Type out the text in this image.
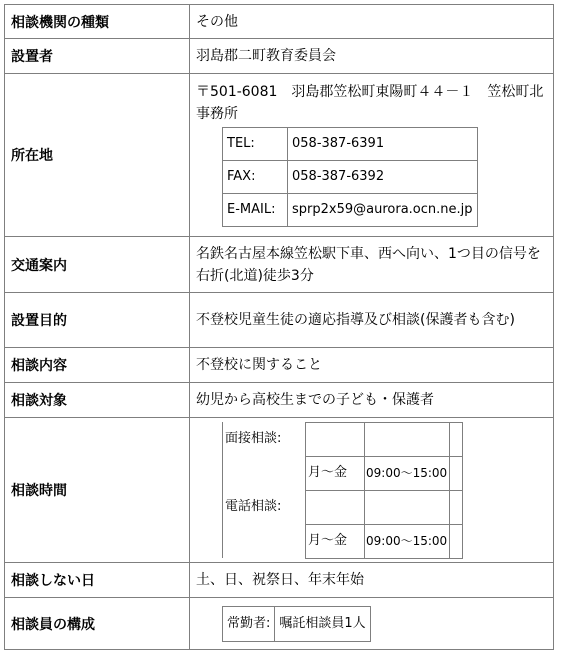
相談機関の種類	その他
設置者	羽島郡二町教育委員会
所在地	
〒501-6081　羽島郡笠松町東陽町４４－１　笠松町北事務所
TEL:	058-387-6391
FAX:	058-387-6392
E-MAIL:	sprp2x59@aurora.ocn.ne.jp

交通案内	名鉄名古屋本線笠松駅下車、西へ向い、1つ目の信号を右折(北道)徒歩3分
設置目的	不登校児童生徒の適応指導及び相談(保護者も含む)
相談内容	不登校に関すること
相談対象	幼児から高校生までの子ども・保護者
相談時間	
面接相談:			
	月～金	09:00～15:00	
電話相談:			
	月～金	09:00～15:00	

相談しない日	土、日、祝祭日、年末年始
相談員の構成		常勤者:	嘱託相談員1人
